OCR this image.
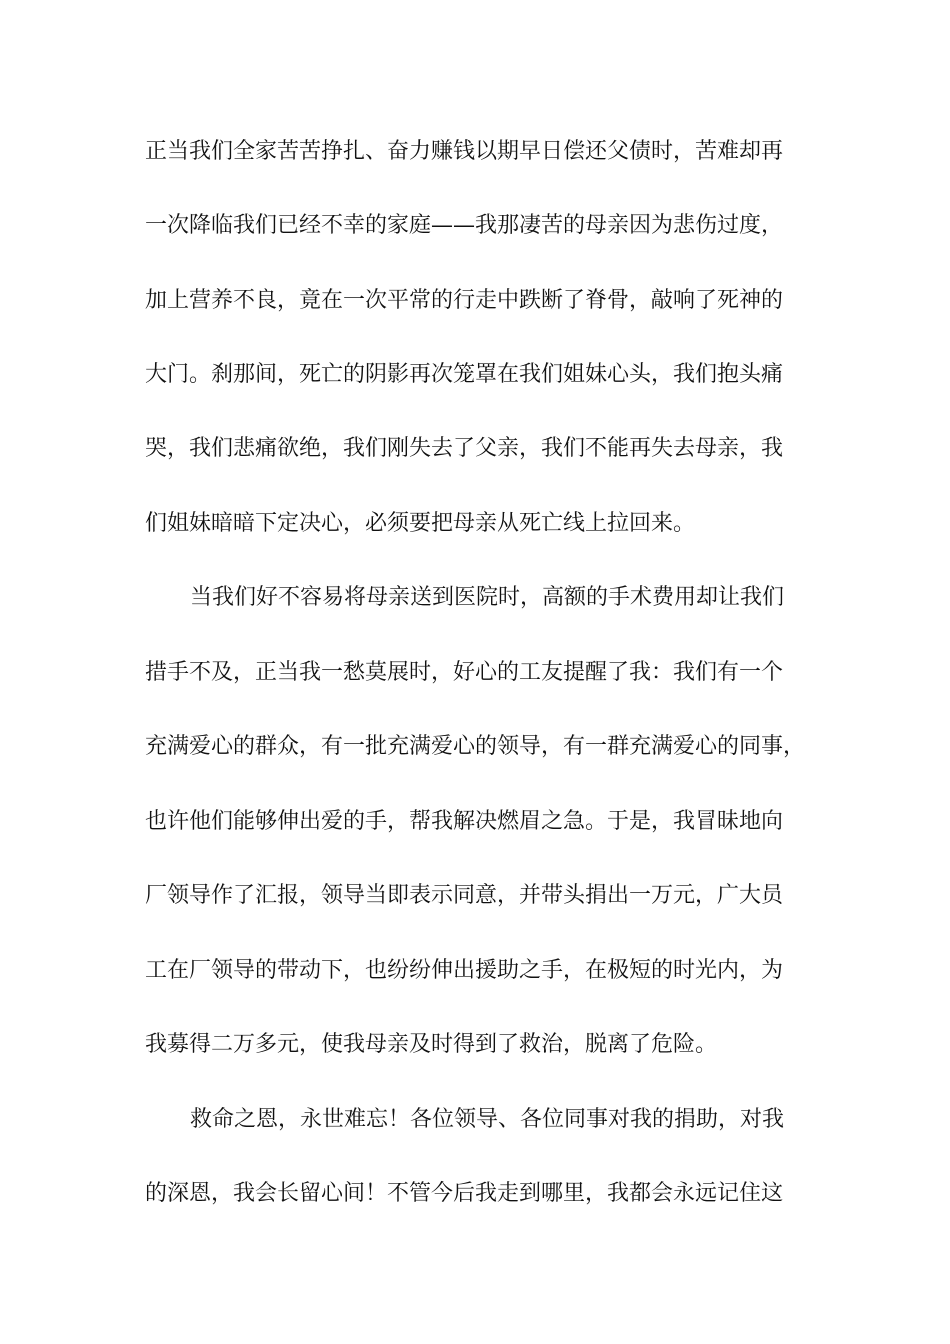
正当我们全家苦苦挣扎、奋力赚钱以期早日偿还父债时，苦难却再
一次降临我们已经不幸的家庭——我那凄苦的母亲因为悲伤过度，
加上营养不良，竟在一次平常的行走中跌断了脊骨，敲响了死神的
大门。刹那间，死亡的阴影再次笼罩在我们姐妹心头，我们抱头痛
哭，我们悲痛欲绝，我们刚失去了父亲，我们不能再失去母亲，我
们姐妹暗暗下定决心，必须要把母亲从死亡线上拉回来。
当我们好不容易将母亲送到医院时，高额的手术费用却让我们
措手不及，正当我一愁莫展时，好心的工友提醒了我：我们有一个
充满爱心的群众，有一批充满爱心的领导，有一群充满爱心的同事，
也许他们能够伸出爱的手，帮我解决燃眉之急。于是，我冒昧地向
厂领导作了汇报，领导当即表示同意，并带头捐出一万元，广大员
工在厂领导的带动下，也纷纷伸出援助之手，在极短的时光内，为
我募得二万多元，使我母亲及时得到了救治，脱离了危险。
救命之恩，永世难忘！各位领导、各位同事对我的捐助，对我
的深恩，我会长留心间！不管今后我走到哪里，我都会永远记住这
